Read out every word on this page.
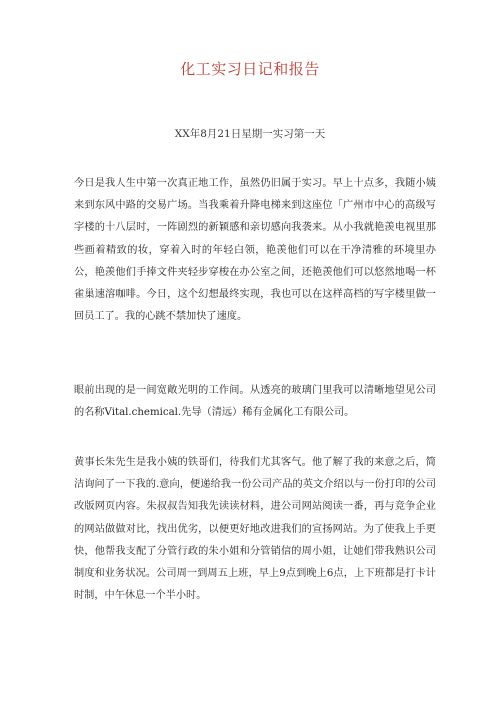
化工实习日记和报告
XX年8月21日星期一实习第一天

今日是我人生中第一次真正地工作，虽然仍旧属于实习。早上十点多，我随小姨来到东风中路的交易广场。当我乘着升降电梯来到这座位「广州市中心的高级写字楼的十八层时，一阵剧烈的新颖感和亲切感向我袭来。从小我就艳羡电视里那些画着精致的妆，穿着入时的年轻白领，艳羡他们可以在干净清雅的环境里办公，艳羡他们手捧文件夹轻步穿梭在办公室之间，还艳羡他们可以悠然地喝一杯雀巢速溶咖啡。今日，这个幻想最终实现，我也可以在这样高档的写字楼里做一回员工了。我的心跳不禁加快了速度。

眼前出现的是一间宽敞光明的工作间。从透亮的玻璃门里我可以清晰地望见公司的名称Vital.chemical.先导（清远）稀有金属化工有限公司。

黄事长朱先生是我小姨的铁哥们，待我们尤其客气。他了解了我的来意之后，简洁询问了一下我的.意向，便递给我一份公司产品的英文介绍以与一份打印的公司改版网页内容。朱叔叔告知我先读读材料，进公司网站阅读一番，再与竞争企业的网站做做对比，找出优劣，以便更好地改进我们的宣扬网站。为了使我上手更快，他帮我支配了分管行政的朱小姐和分管销信的周小姐，让她们带我熟识公司制度和业务状况。公司周一到周五上班，早上9点到晚上6点，上下班都是打卡计时制，中午休息一个半小时。
